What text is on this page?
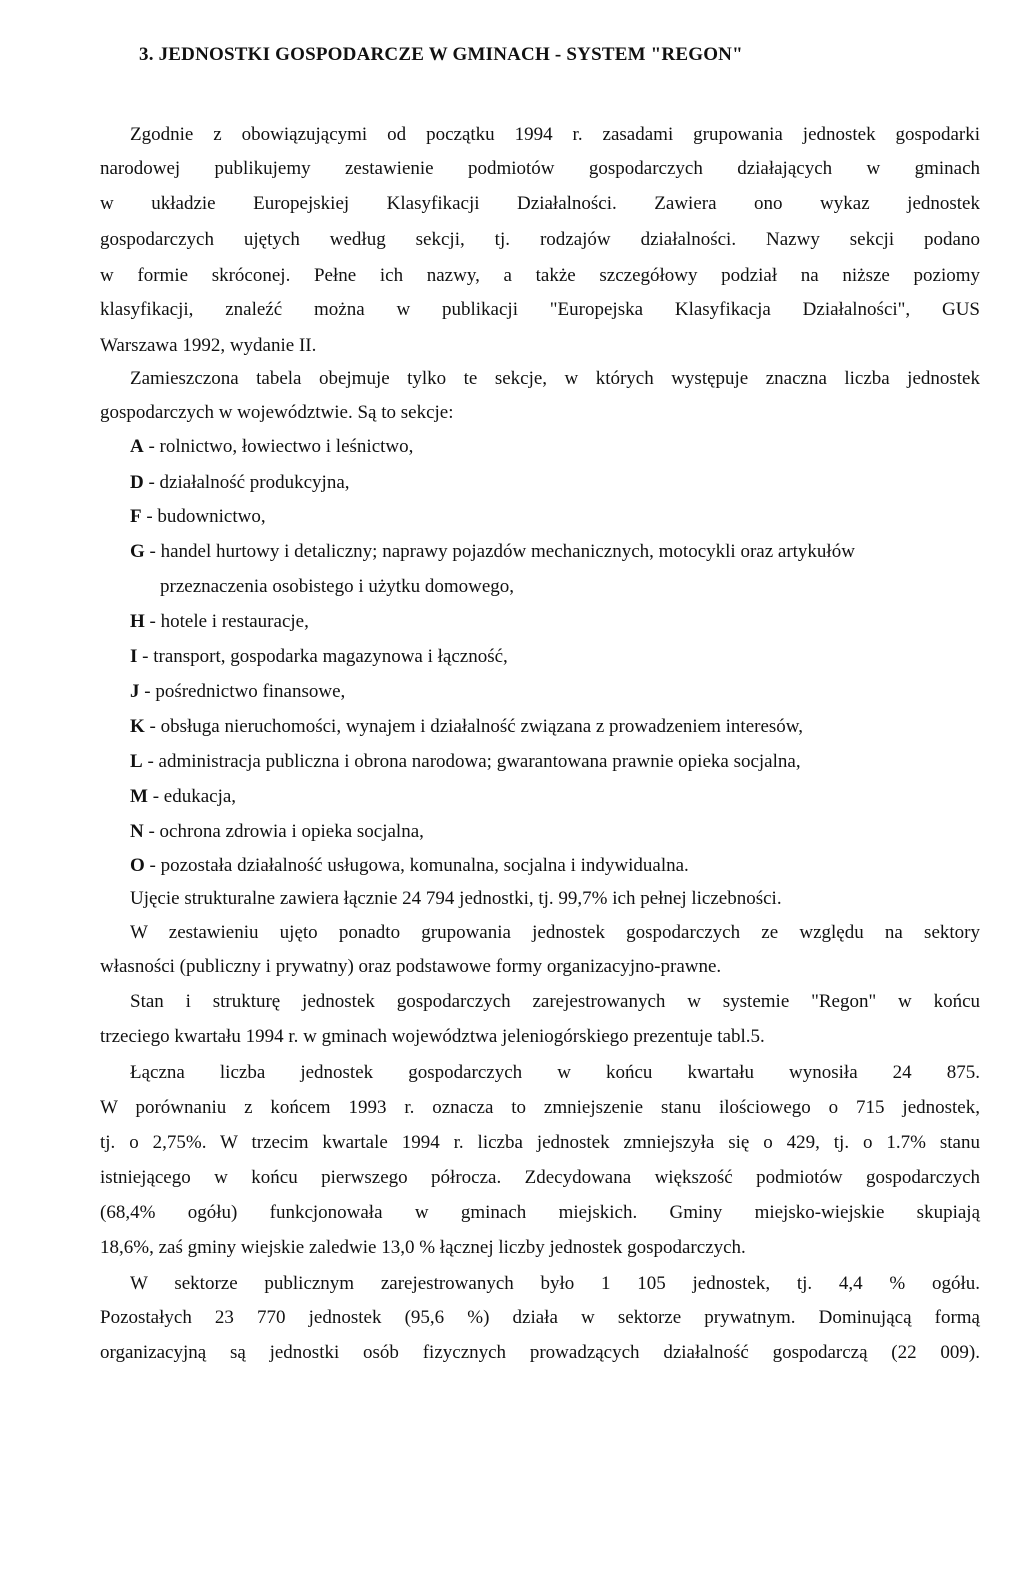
3. JEDNOSTKI GOSPODARCZE W GMINACH - SYSTEM "REGON"
Zgodnie z obowiązującymi od początku 1994 r. zasadami grupowania jednostek gospodarki
narodowej publikujemy zestawienie podmiotów gospodarczych działających w gminach
w układzie Europejskiej Klasyfikacji Działalności. Zawiera ono wykaz jednostek
gospodarczych ujętych według sekcji, tj. rodzajów działalności. Nazwy sekcji podano
w formie skróconej. Pełne ich nazwy, a także szczegółowy podział na niższe poziomy
klasyfikacji, znaleźć można w publikacji "Europejska Klasyfikacja Działalności", GUS
Warszawa 1992, wydanie II.
Zamieszczona tabela obejmuje tylko te sekcje, w których występuje znaczna liczba jednostek
gospodarczych w województwie. Są to sekcje:
A - rolnictwo, łowiectwo i leśnictwo,
D - działalność produkcyjna,
F - budownictwo,
G - handel hurtowy i detaliczny; naprawy pojazdów mechanicznych, motocykli oraz artykułów
przeznaczenia osobistego i użytku domowego,
H - hotele i restauracje,
I - transport, gospodarka magazynowa i łączność,
J - pośrednictwo finansowe,
K - obsługa nieruchomości, wynajem i działalność związana z prowadzeniem interesów,
L - administracja publiczna i obrona narodowa; gwarantowana prawnie opieka socjalna,
M - edukacja,
N - ochrona zdrowia i opieka socjalna,
O - pozostała działalność usługowa, komunalna, socjalna i indywidualna.
Ujęcie strukturalne zawiera łącznie 24 794 jednostki, tj. 99,7% ich pełnej liczebności.
W zestawieniu ujęto ponadto grupowania jednostek gospodarczych ze względu na sektory
własności (publiczny i prywatny) oraz podstawowe formy organizacyjno-prawne.
Stan i strukturę jednostek gospodarczych zarejestrowanych w systemie "Regon" w końcu
trzeciego kwartału 1994 r. w gminach województwa jeleniogórskiego prezentuje tabl.5.
Łączna liczba jednostek gospodarczych w końcu kwartału wynosiła 24 875.
W porównaniu z końcem 1993 r. oznacza to zmniejszenie stanu ilościowego o 715 jednostek,
tj. o 2,75%. W trzecim kwartale 1994 r. liczba jednostek zmniejszyła się o 429, tj. o 1.7% stanu
istniejącego w końcu pierwszego półrocza. Zdecydowana większość podmiotów gospodarczych
(68,4% ogółu) funkcjonowała w gminach miejskich. Gminy miejsko-wiejskie skupiają
18,6%, zaś gminy wiejskie zaledwie 13,0 % łącznej liczby jednostek gospodarczych.
W sektorze publicznym zarejestrowanych było 1 105 jednostek, tj. 4,4 % ogółu.
Pozostałych 23 770 jednostek (95,6 %) działa w sektorze prywatnym. Dominującą formą
organizacyjną są jednostki osób fizycznych prowadzących działalność gospodarczą (22 009).
